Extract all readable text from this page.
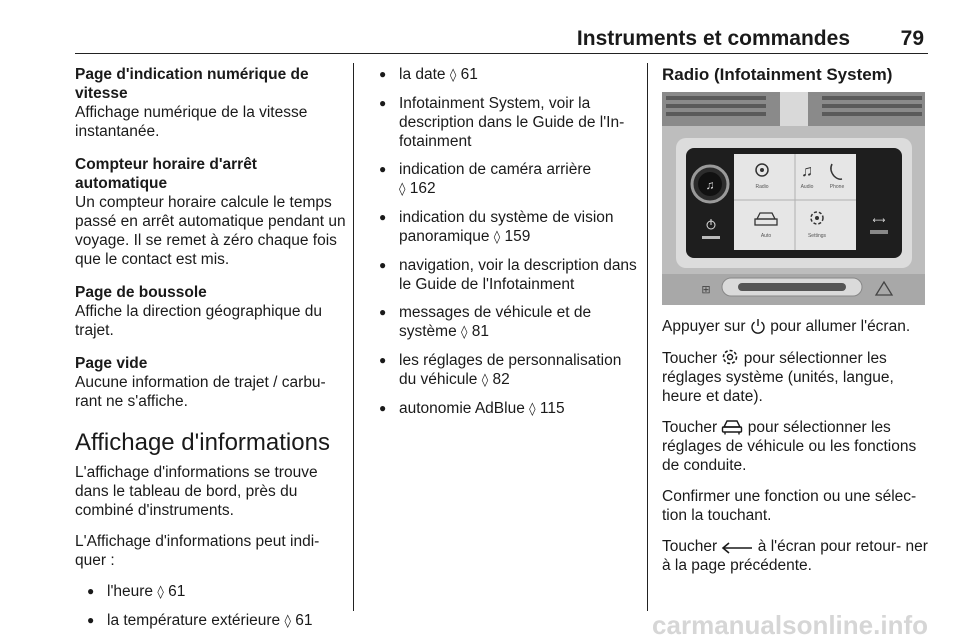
Instruments et commandes 79
Page d'indication numérique de
vitesse
Affichage numérique de la vitesse instantanée.
Compteur horaire d'arrêt
automatique
Un compteur horaire calcule le temps passé en arrêt automatique pendant un voyage. Il se remet à zéro chaque fois que le contact est mis.
Page de boussole
Affiche la direction géographique du trajet.
Page vide
Aucune information de trajet / carbu- rant ne s'affiche.
Affichage d'informations

L'affichage d'informations se trouve dans le tableau de bord, près du combiné d'instruments.

L'Affichage d'informations peut indi- quer :

● l'heure ◊ 61
● la température extérieure ◊ 61
● la date ◊ 61
● Infotainment System, voir la description dans le Guide de l'In- fotainment
● indication de caméra arrière
◊ 162
● indication du système de vision panoramique ◊ 159
● navigation, voir la description dans le Guide de l'Infotainment
● messages de véhicule et de système ◊ 81
● les réglages de personnalisation du véhicule ◊ 82
● autonomie AdBlue ◊ 115
Radio (Infotainment System)
Radio
♫
Audio	Phone
Auto	Settings
♫
⟷
⊞

Appuyer sur pour allumer l'écran.

Toucher pour sélectionner les réglages système (unités, langue, heure et date).

Toucher pour sélectionner les réglages de véhicule ou les fonctions de conduite.

Confirmer une fonction ou une sélec- tion la touchant.

Toucher	à l'écran pour retour- ner à la page précédente.

carmanualsonline.info
